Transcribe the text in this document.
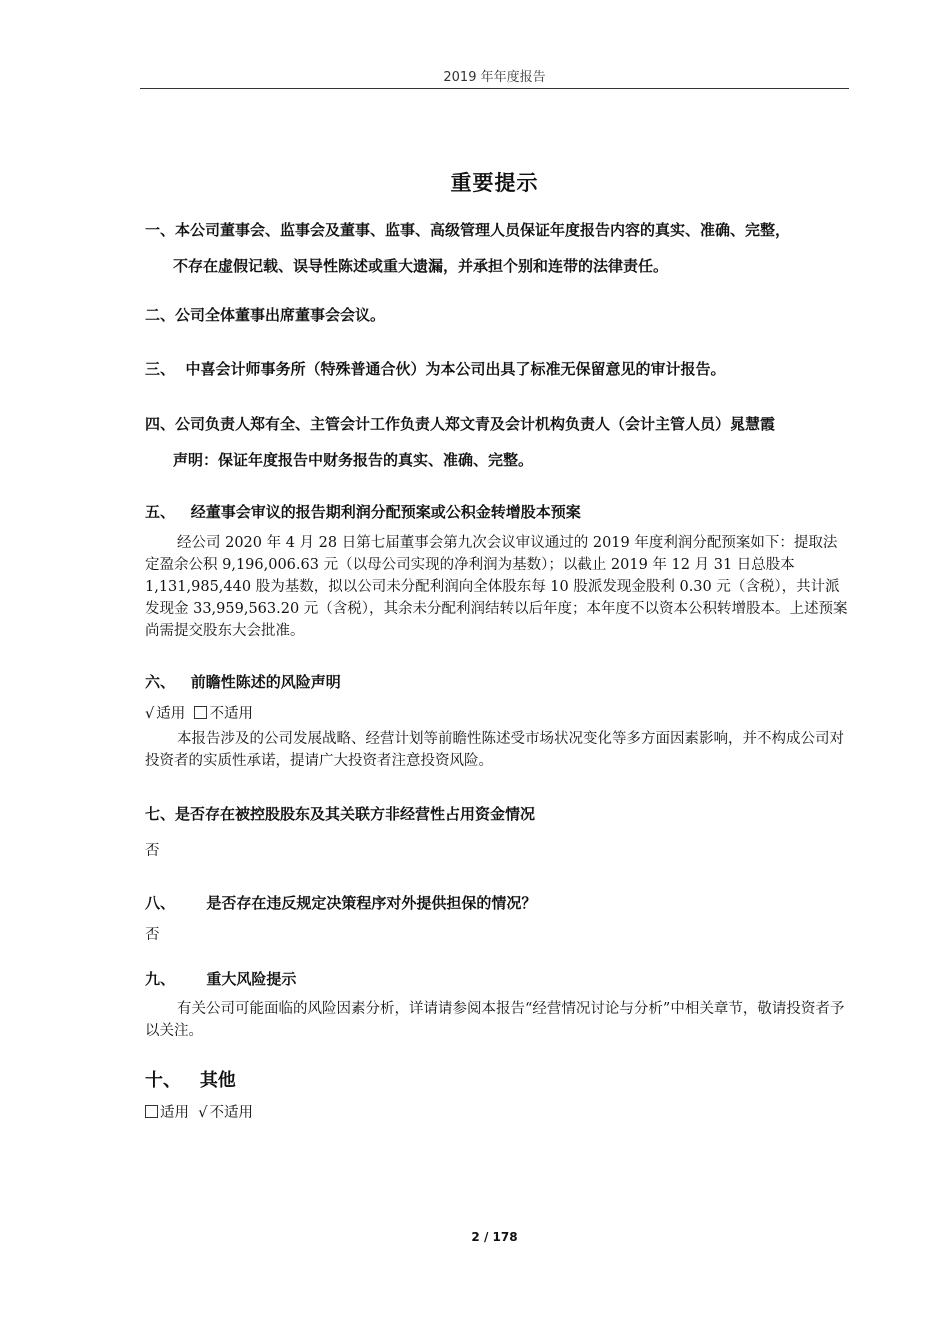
2019 年年度报告
重要提示
一、本公司董事会、监事会及董事、监事、高级管理人员保证年度报告内容的真实、准确、完整，
不存在虚假记载、误导性陈述或重大遗漏，并承担个别和连带的法律责任。
二、公司全体董事出席董事会会议。
三、 中喜会计师事务所（特殊普通合伙）为本公司出具了标准无保留意见的审计报告。
四、公司负责人郑有全、主管会计工作负责人郑文青及会计机构负责人（会计主管人员）晁慧霞
声明：保证年度报告中财务报告的真实、准确、完整。
五、 经董事会审议的报告期利润分配预案或公积金转增股本预案
经公司 2020 年 4 月 28 日第七届董事会第九次会议审议通过的 2019 年度利润分配预案如下：提取法定盈余公积 9,196,006.63 元（以母公司实现的净利润为基数）；以截止 2019 年 12 月 31 日总股本 1,131,985,440 股为基数，拟以公司未分配利润向全体股东每 10 股派发现金股利 0.30 元（含税），共计派发现金 33,959,563.20 元（含税），其余未分配利润结转以后年度；本年度不以资本公积转增股本。上述预案尚需提交股东大会批准。
六、 前瞻性陈述的风险声明
√ 适用 不适用
本报告涉及的公司发展战略、经营计划等前瞻性陈述受市场状况变化等多方面因素影响，并不构成公司对投资者的实质性承诺，提请广大投资者注意投资风险。
七、是否存在被控股股东及其关联方非经营性占用资金情况
否
八、 是否存在违反规定决策程序对外提供担保的情况？
否
九、 重大风险提示
有关公司可能面临的风险因素分析，详请请参阅本报告“经营情况讨论与分析”中相关章节，敬请投资者予以关注。
十、 其他
适用 √ 不适用
2 / 178
